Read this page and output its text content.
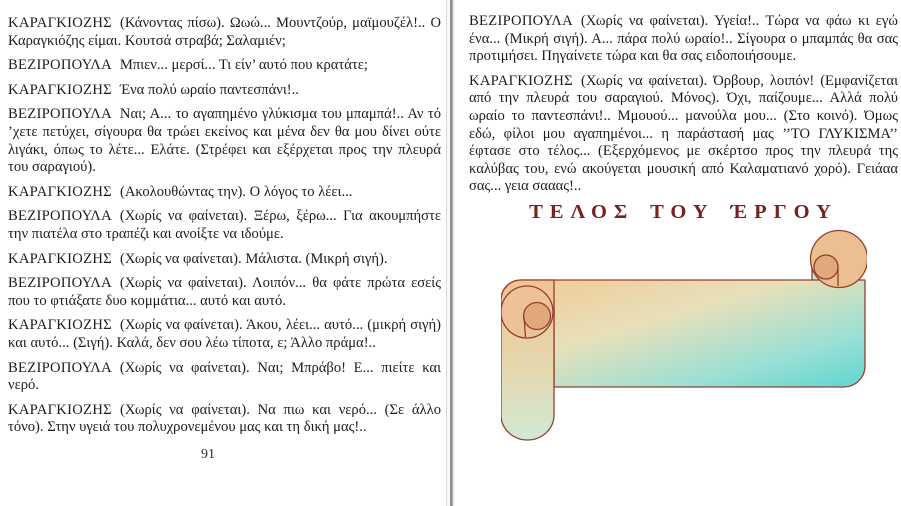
ΚΑΡΑΓΚΙΟΖΗΣ (Κάνοντας πίσω). Ωωώ... Μουντζούρ, μαϊμουζέλ!.. Ο Καραγκιόζης είμαι. Κουτσά στραβά; Σαλαμιέν;

ΒΕΖΙΡΟΠΟΥΛΑ Μπιεν... μερσί... Τι είν’ αυτό που κρατάτε;

ΚΑΡΑΓΚΙΟΖΗΣ Ένα πολύ ωραίο παντεσπάνι!..

ΒΕΖΙΡΟΠΟΥΛΑ Ναι; Α... το αγαπημένο γλύκισμα του μπαμπά!.. Αν τό ’χετε πετύχει, σίγουρα θα τρώει εκείνος και μένα δεν θα μου δίνει ούτε λιγάκι, όπως το λέτε... Ελάτε. (Στρέφει και εξέρχεται προς την πλευρά του σαραγιού).

ΚΑΡΑΓΚΙΟΖΗΣ (Ακολουθώντας την). Ο λόγος το λέει...

ΒΕΖΙΡΟΠΟΥΛΑ (Χωρίς να φαίνεται). Ξέρω, ξέρω... Για ακουμπήστε την πιατέλα στο τραπέζι και ανοίξτε να ιδούμε.

ΚΑΡΑΓΚΙΟΖΗΣ (Χωρίς να φαίνεται). Μάλιστα. (Μικρή σιγή).

ΒΕΖΙΡΟΠΟΥΛΑ (Χωρίς να φαίνεται). Λοιπόν... θα φάτε πρώτα εσείς που το φτιάξατε δυο κομμάτια... αυτό και αυτό.

ΚΑΡΑΓΚΙΟΖΗΣ (Χωρίς να φαίνεται). Άκου, λέει... αυτό... (μικρή σιγή) και αυτό... (Σιγή). Καλά, δεν σου λέω τίποτα, ε; Άλλο πράμα!..

ΒΕΖΙΡΟΠΟΥΛΑ (Χωρίς να φαίνεται). Ναι; Μπράβο! Ε... πιείτε και νερό.

ΚΑΡΑΓΚΙΟΖΗΣ (Χωρίς να φαίνεται). Να πιω και νερό... (Σε άλλο τόνο). Στην υγειά του πολυχρονεμένου μας και τη δική μας!..

91

ΒΕΖΙΡΟΠΟΥΛΑ (Χωρίς να φαίνεται). Υγεία!.. Τώρα να φάω κι εγώ ένα... (Μικρή σιγή). Α... πάρα πολύ ωραίο!.. Σίγουρα ο μπαμπάς θα σας προτιμήσει. Πηγαίνετε τώρα και θα σας ειδοποιήσουμε.

ΚΑΡΑΓΚΙΟΖΗΣ (Χωρίς να φαίνεται). Όρβουρ, λοιπόν! (Εμφανίζεται από την πλευρά του σαραγιού. Μόνος). Όχι, παίζουμε... Αλλά πολύ ωραίο το παντεσπάνι!.. Μμουού... μανούλα μου... (Στο κοινό). Όμως εδώ, φίλοι μου αγαπημένοι... η παράστασή μας ’’ΤΟ ΓΛΥΚΙΣΜΑ’’ έφτασε στο τέλος... (Εξερχόμενος με σκέρτσο προς την πλευρά της καλύβας του, ενώ ακούγεται μουσική από Καλαματιανό χορό). Γειάαα σας... γεια σααας!..

ΤΕΛΟΣ ΤΟΥ ΈΡΓΟΥ
